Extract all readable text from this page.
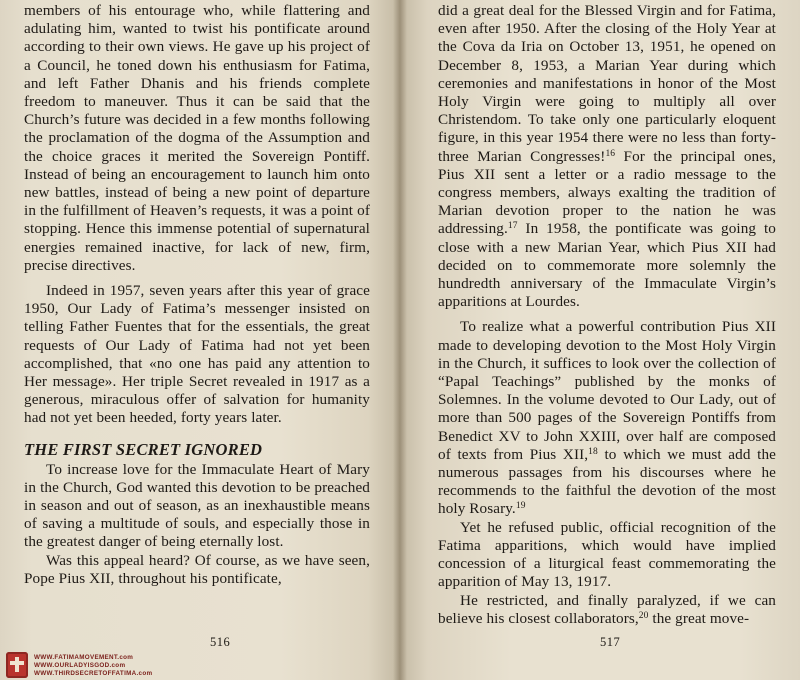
members of his entourage who, while flattering and adulating him, wanted to twist his pontificate around according to their own views. He gave up his project of a Council, he toned down his enthusiasm for Fatima, and left Father Dhanis and his friends complete freedom to maneuver. Thus it can be said that the Church’s future was decided in a few months following the proclamation of the dogma of the Assumption and the choice graces it merited the Sovereign Pontiff. Instead of being an encouragement to launch him onto new battles, instead of being a new point of departure in the fulfillment of Heaven’s requests, it was a point of stopping. Hence this immense potential of supernatural energies remained inactive, for lack of new, firm, precise directives.

Indeed in 1957, seven years after this year of grace 1950, Our Lady of Fatima’s messenger insisted on telling Father Fuentes that for the essentials, the great requests of Our Lady of Fatima had not yet been accomplished, that «no one has paid any attention to Her message». Her triple Secret revealed in 1917 as a generous, miraculous offer of salvation for humanity had not yet been heeded, forty years later.

THE FIRST SECRET IGNORED

To increase love for the Immaculate Heart of Mary in the Church, God wanted this devotion to be preached in season and out of season, as an inexhaustible means of saving a multitude of souls, and especially those in the greatest danger of being eternally lost.

Was this appeal heard? Of course, as we have seen, Pope Pius XII, throughout his pontificate,

516

did a great deal for the Blessed Virgin and for Fatima, even after 1950. After the closing of the Holy Year at the Cova da Iria on October 13, 1951, he opened on December 8, 1953, a Marian Year during which ceremonies and manifestations in honor of the Most Holy Virgin were going to multiply all over Christendom. To take only one particularly eloquent figure, in this year 1954 there were no less than forty-three Marian Congresses!$^{16}$ For the principal ones, Pius XII sent a letter or a radio message to the congress members, always exalting the tradition of Marian devotion proper to the nation he was addressing.$^{17}$ In 1958, the pontificate was going to close with a new Marian Year, which Pius XII had decided on to commemorate more solemnly the hundredth anniversary of the Immaculate Virgin’s apparitions at Lourdes.

To realize what a powerful contribution Pius XII made to developing devotion to the Most Holy Virgin in the Church, it suffices to look over the collection of “Papal Teachings” published by the monks of Solemnes. In the volume devoted to Our Lady, out of more than 500 pages of the Sovereign Pontiffs from Benedict XV to John XXIII, over half are composed of texts from Pius XII,$^{18}$ to which we must add the numerous passages from his discourses where he recommends to the faithful the devotion of the most holy Rosary.$^{19}$

Yet he refused public, official recognition of the Fatima apparitions, which would have implied concession of a liturgical feast commemorating the apparition of May 13, 1917.

He restricted, and finally paralyzed, if we can believe his closest collaborators,$^{20}$ the great move-

517
WWW.FATIMAMOVEMENT.com
WWW.OURLADYISGOD.com
WWW.THIRDSECRETOFFATIMA.com
